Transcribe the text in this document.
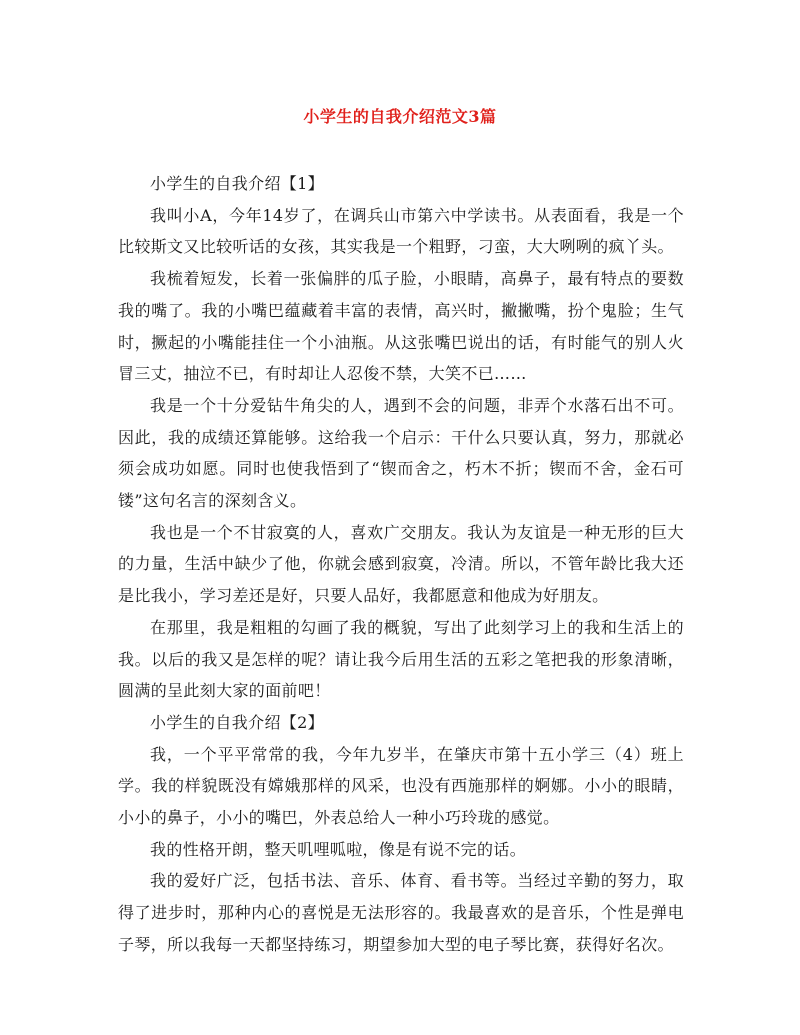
小学生的自我介绍范文3篇
小学生的自我介绍【1】

我叫小A，今年14岁了，在调兵山市第六中学读书。从表面看，我是一个比较斯文又比较听话的女孩，其实我是一个粗野，刁蛮，大大咧咧的疯丫头。

我梳着短发，长着一张偏胖的瓜子脸，小眼睛，高鼻子，最有特点的要数我的嘴了。我的小嘴巴蕴藏着丰富的表情，高兴时，撇撇嘴，扮个鬼脸；生气时，撅起的小嘴能挂住一个小油瓶。从这张嘴巴说出的话，有时能气的别人火冒三丈，抽泣不已，有时却让人忍俊不禁，大笑不已……

我是一个十分爱钻牛角尖的人，遇到不会的问题，非弄个水落石出不可。因此，我的成绩还算能够。这给我一个启示：干什么只要认真，努力，那就必须会成功如愿。同时也使我悟到了“锲而舍之，朽木不折；锲而不舍，金石可镂”这句名言的深刻含义。

我也是一个不甘寂寞的人，喜欢广交朋友。我认为友谊是一种无形的巨大的力量，生活中缺少了他，你就会感到寂寞，冷清。所以，不管年龄比我大还是比我小，学习差还是好，只要人品好，我都愿意和他成为好朋友。

在那里，我是粗粗的勾画了我的概貌，写出了此刻学习上的我和生活上的我。以后的我又是怎样的呢？请让我今后用生活的五彩之笔把我的形象清晰，圆满的呈此刻大家的面前吧！

小学生的自我介绍【2】

我，一个平平常常的我，今年九岁半，在肇庆市第十五小学三（4）班上学。我的样貌既没有嫦娥那样的风采，也没有西施那样的婀娜。小小的眼睛，小小的鼻子，小小的嘴巴，外表总给人一种小巧玲珑的感觉。

我的性格开朗，整天叽哩呱啦，像是有说不完的话。

我的爱好广泛，包括书法、音乐、体育、看书等。当经过辛勤的努力，取得了进步时，那种内心的喜悦是无法形容的。我最喜欢的是音乐，个性是弹电子琴，所以我每一天都坚持练习，期望参加大型的电子琴比赛，获得好名次。
